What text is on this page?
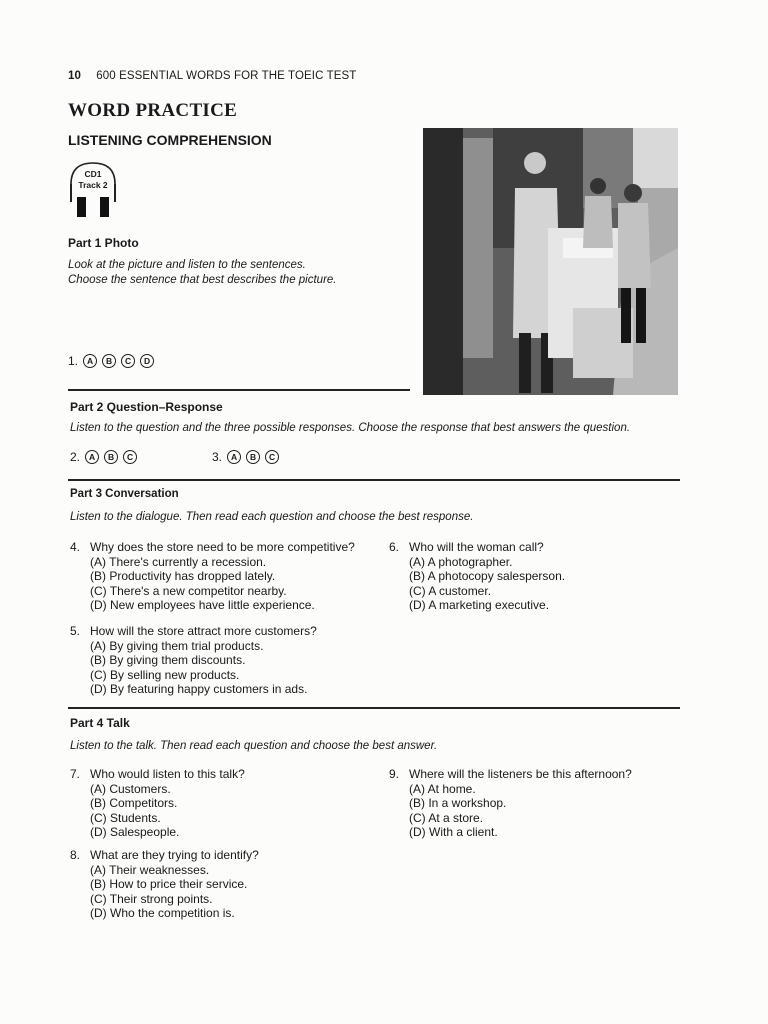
10 600 ESSENTIAL WORDS FOR THE TOEIC TEST
WORD PRACTICE
LISTENING COMPREHENSION
CD1
Track 2
Part 1 Photo
Look at the picture and listen to the sentences.
Choose the sentence that best describes the picture.
1.	A	B	C	D
Part 2 Question–Response
Listen to the question and the three possible responses. Choose the response that best answers the question.
2.	A	B	C	3.	A	B	C
Part 3 Conversation
Listen to the dialogue. Then read each question and choose the best response.
4. Why does the store need to be more competitive?
(A) There's currently a recession.
(B) Productivity has dropped lately.
(C) There's a new competitor nearby.
(D) New employees have little experience.
5. How will the store attract more customers?
(A) By giving them trial products.
(B) By giving them discounts.
(C) By selling new products.
(D) By featuring happy customers in ads.
6. Who will the woman call?
(A) A photographer.
(B) A photocopy salesperson.
(C) A customer.
(D) A marketing executive.
Part 4 Talk
Listen to the talk. Then read each question and choose the best answer.
7. Who would listen to this talk?
(A) Customers.
(B) Competitors.
(C) Students.
(D) Salespeople.
8. What are they trying to identify?
(A) Their weaknesses.
(B) How to price their service.
(C) Their strong points.
(D) Who the competition is.
9. Where will the listeners be this afternoon?
(A) At home.
(B) In a workshop.
(C) At a store.
(D) With a client.
